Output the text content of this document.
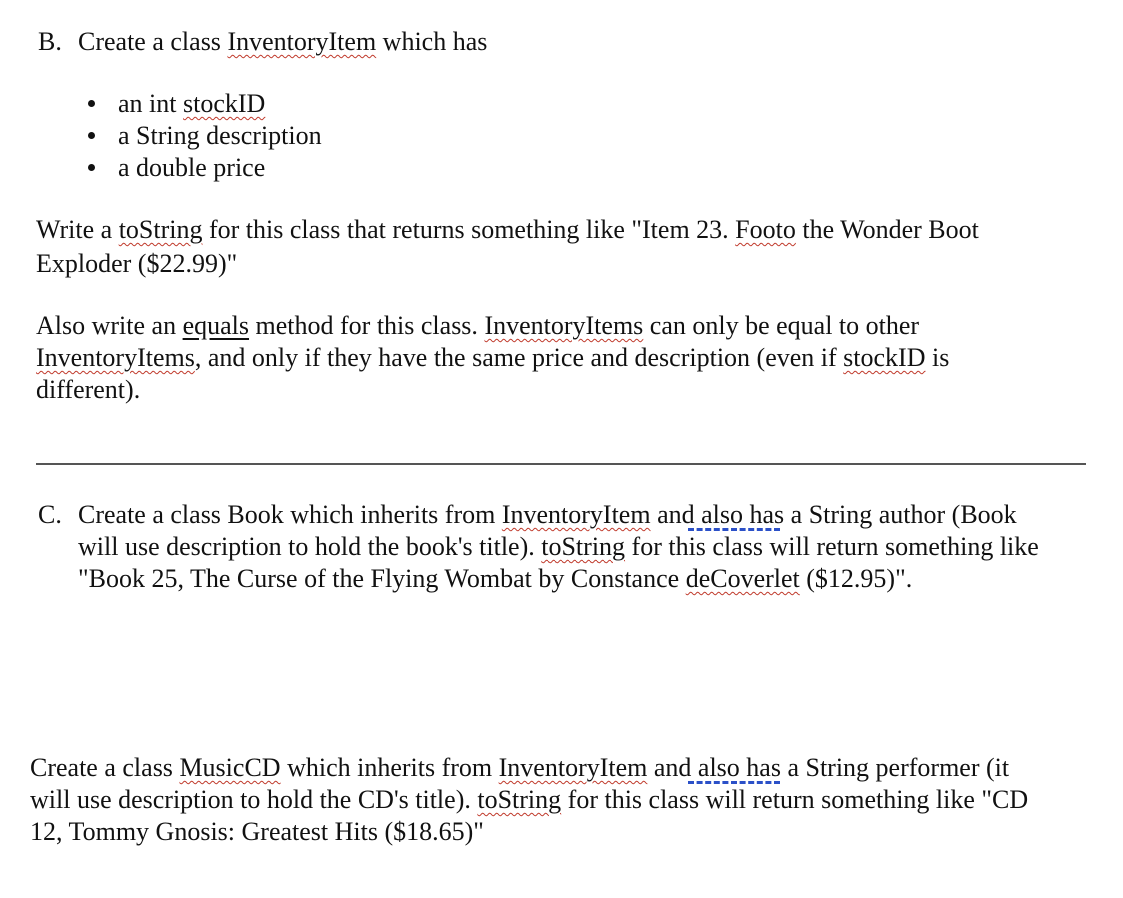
B. Create a class InventoryItem which has
an int stockID
a String description
a double price
Write a toString for this class that returns something like "Item 23. Footo the Wonder Boot
Exploder ($22.99)"
Also write an equals method for this class. InventoryItems can only be equal to other
InventoryItems, and only if they have the same price and description (even if stockID is
different).
C. Create a class Book which inherits from InventoryItem and also has a String author (Book
will use description to hold the book's title). toString for this class will return something like
"Book 25, The Curse of the Flying Wombat by Constance deCoverlet ($12.95)".
Create a class MusicCD which inherits from InventoryItem and also has a String performer (it
will use description to hold the CD's title). toString for this class will return something like "CD
12, Tommy Gnosis: Greatest Hits ($18.65)"
